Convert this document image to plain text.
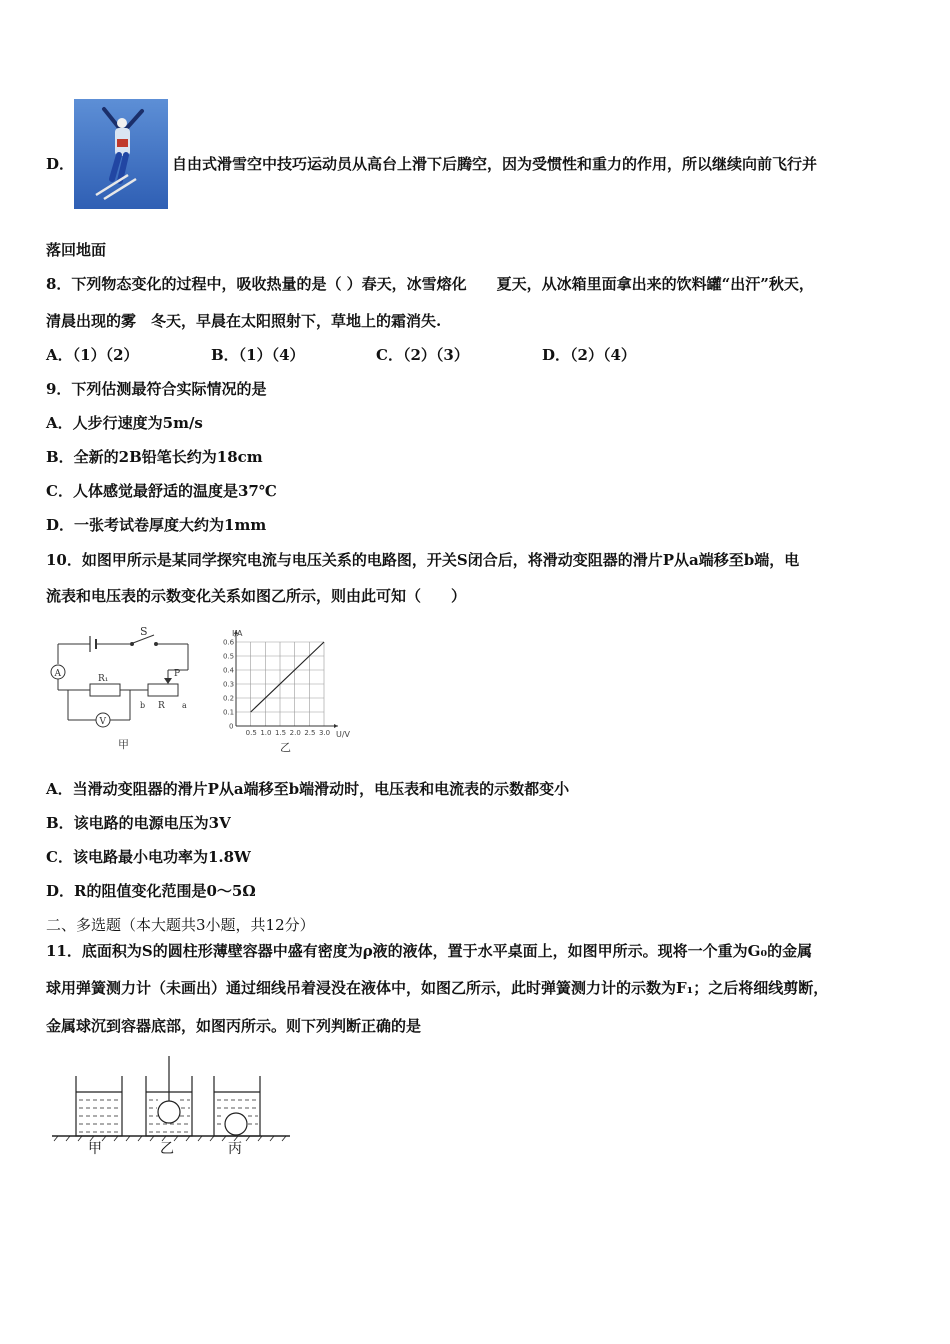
D．	自由式滑雪空中技巧运动员从高台上滑下后腾空，因为受惯性和重力的作用，所以继续向前飞行并
落回地面
8．下列物态变化的过程中，吸收热量的是（ ）春天，冰雪熔化　　夏天，从冰箱里面拿出来的饮料罐“出汗”秋天，
清晨出现的雾　冬天，早晨在太阳照射下，草地上的霜消失.
A．（1）（2）	B．（1）（4）	C．（2）（3）	D．（2）（4）
9．下列估测最符合实际情况的是
A．人步行速度为5m/s
B．全新的2B铅笔长约为18cm
C．人体感觉最舒适的温度是37℃
D．一张考试卷厚度大约为1mm
10．如图甲所示是某同学探究电流与电压关系的电路图，开关S闭合后，将滑动变阻器的滑片P从a端移至b端，电
流表和电压表的示数变化关系如图乙所示，则由此可知（　　）
S
A	R₁
R
b	a
P
V
甲
0.5 1.0 1.5 2.0 2.5 3.0
0
0.1
0.2
0.3
0.4
0.5
0.6
I/A
U/V
乙
A．当滑动变阻器的滑片P从a端移至b端滑动时，电压表和电流表的示数都变小
B．该电路的电源电压为3V
C．该电路最小电功率为1.8W
D．R的阻值变化范围是0～5Ω
二、多选题（本大题共3小题，共12分）
11．底面积为S的圆柱形薄壁容器中盛有密度为ρ液的液体，置于水平桌面上，如图甲所示。现将一个重为G₀的金属
球用弹簧测力计（未画出）通过细线吊着浸没在液体中，如图乙所示，此时弹簧测力计的示数为F₁；之后将细线剪断，
金属球沉到容器底部，如图丙所示。则下列判断正确的是
甲	乙	丙
